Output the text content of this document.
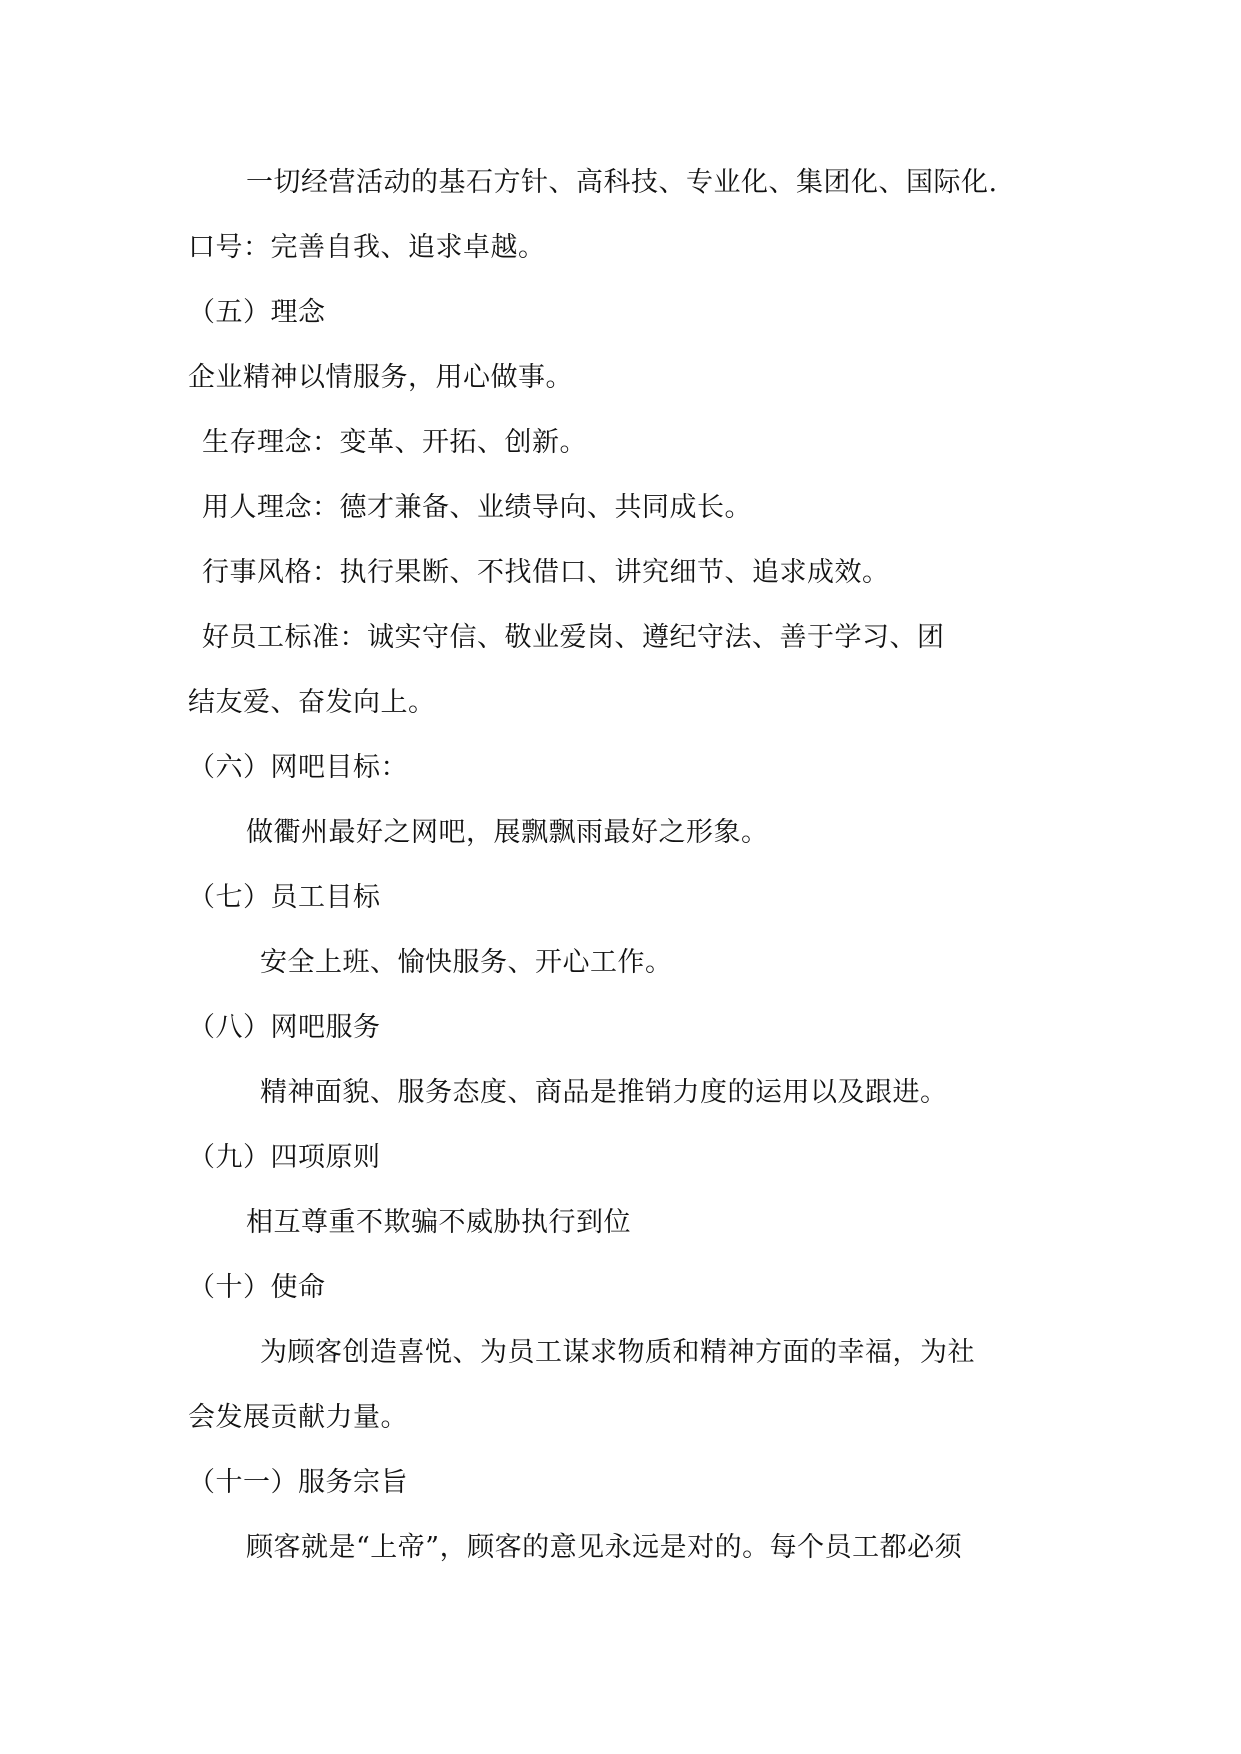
一切经营活动的基石方针、高科技、专业化、集团化、国际化.
口号：完善自我、追求卓越。
（五）理念
企业精神以情服务，用心做事。
生存理念：变革、开拓、创新。
用人理念：德才兼备、业绩导向、共同成长。
行事风格：执行果断、不找借口、讲究细节、追求成效。
好员工标准：诚实守信、敬业爱岗、遵纪守法、善于学习、团
结友爱、奋发向上。
（六）网吧目标：
做衢州最好之网吧，展飘飘雨最好之形象。
（七）员工目标
安全上班、愉快服务、开心工作。
（八）网吧服务
精神面貌、服务态度、商品是推销力度的运用以及跟进。
（九）四项原则
相互尊重不欺骗不威胁执行到位
（十）使命
为顾客创造喜悦、为员工谋求物质和精神方面的幸福，为社
会发展贡献力量。
（十一）服务宗旨
顾客就是“上帝”，顾客的意见永远是对的。每个员工都必须
